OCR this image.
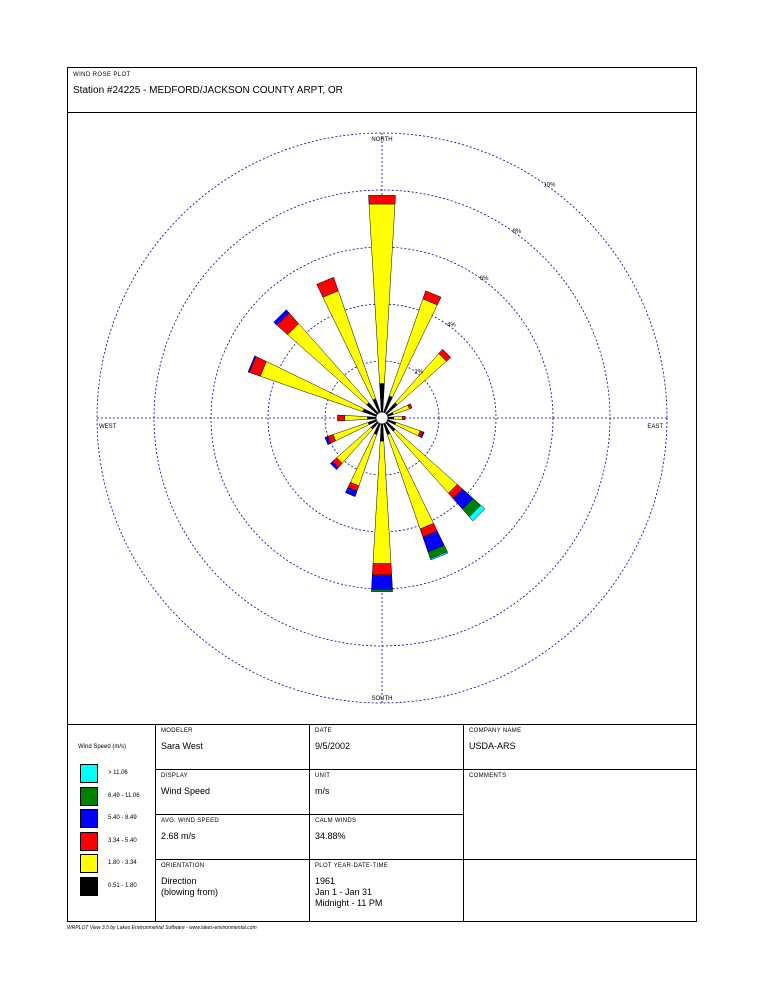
WIND ROSE PLOT
Station #24225 - MEDFORD/JACKSON COUNTY ARPT, OR
NORTH
SOUTH
EAST
WEST
2%
4%
6%
8%
10%
Wind Speed (m/s)
> 11.06
8.49 - 11.06
5.40 - 8.49
3.34 - 5.40
1.80 - 3.34
0.51 - 1.80
MODELER
Sara West
DATE
9/5/2002
COMPANY NAME
USDA-ARS
DISPLAY
Wind Speed
UNIT
m/s
COMMENTS
AVG. WIND SPEED
2.68 m/s
CALM WINDS
34.88%
ORIENTATION
Direction
(blowing from)
PLOT YEAR-DATE-TIME
1961
Jan 1 - Jan 31
Midnight - 11 PM
WRPLOT View 3.5 by Lakes Environmental Software - www.lakes-environmental.com
